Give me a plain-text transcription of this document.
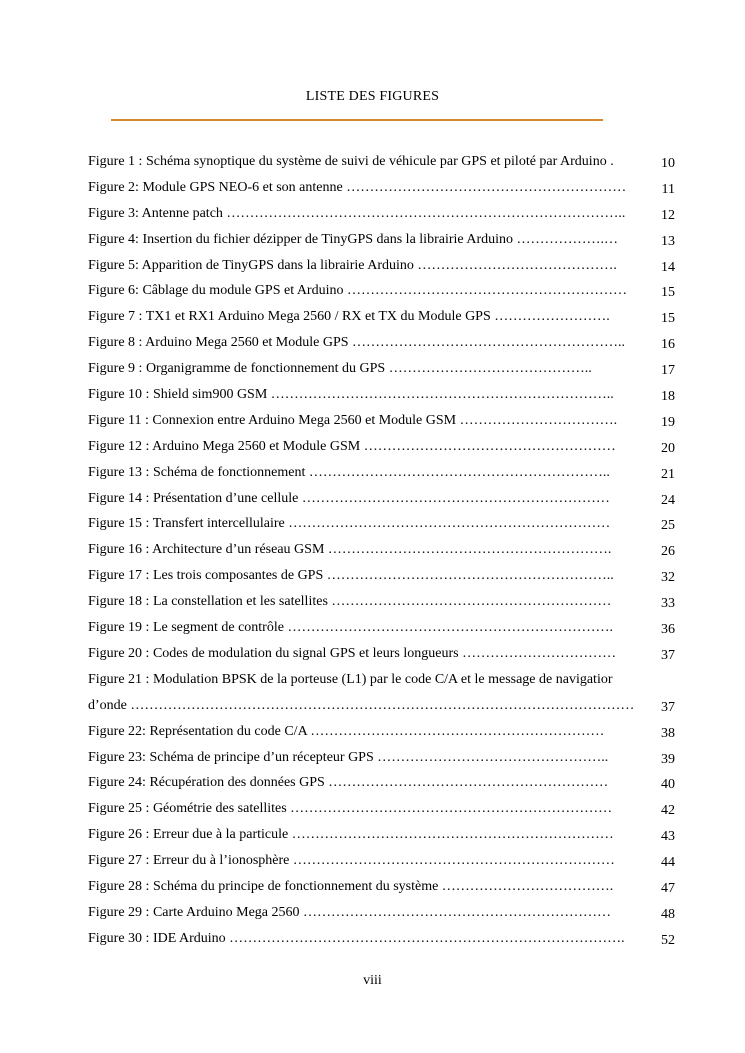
LISTE DES FIGURES
Figure 1 : Schéma synoptique du système de suivi de véhicule par GPS et piloté par Arduino .	10
Figure 2: Module GPS NEO-6 et son antenne ……………………………………………………	11
Figure 3: Antenne patch …………………………………………………………………………..	12
Figure 4: Insertion du fichier dézipper de TinyGPS dans la librairie Arduino ……………….…	13
Figure 5: Apparition de TinyGPS dans la librairie Arduino …………………………………….	14
Figure 6: Câblage du module GPS et Arduino ……………………………………………………	15
Figure 7 : TX1 et RX1 Arduino Mega 2560 / RX et TX du Module GPS …………………….	15
Figure 8 : Arduino Mega 2560 et Module GPS …………………………………………………..	16
Figure 9 : Organigramme de fonctionnement du GPS ……………………………………..	17
Figure 10 : Shield sim900 GSM ………………………………………………………………..	18
Figure 11 : Connexion entre Arduino Mega 2560 et Module GSM …………………………….	19
Figure 12 : Arduino Mega 2560 et Module GSM ………………………………………………	20
Figure 13 : Schéma de fonctionnement ………………………………………………………..	21
Figure 14 : Présentation d’une cellule …………………………………………………………	24
Figure 15 : Transfert intercellulaire ……………………………………………………………	25
Figure 16 : Architecture d’un réseau GSM …………………………………………………….	26
Figure 17 : Les trois composantes de GPS ……………………………………………………..	32
Figure 18 : La constellation et les satellites ……………………………………………………	33
Figure 19 : Le segment de contrôle …………………………………………………………….	36
Figure 20 : Codes de modulation du signal GPS et leurs longueurs ……………………………	37
Figure 21 : Modulation BPSK de la porteuse (L1) par le code C/A et le message de navigatior d’onde ………………………………………………………………………………………………	37
Figure 22: Représentation du code C/A ………………………………………………………	38
Figure 23: Schéma de principe d’un récepteur GPS …………………………………………..	39
Figure 24: Récupération des données GPS ……………………………………………………	40
Figure 25 : Géométrie des satellites ……………………………………………………………	42
Figure 26 : Erreur due à la particule ……………………………………………………………	43
Figure 27 : Erreur du à l’ionosphère ……………………………………………………………	44
Figure 28 : Schéma du principe de fonctionnement du système ……………………………….	47
Figure 29 : Carte Arduino Mega 2560 …………………………………………………………	48
Figure 30 : IDE Arduino ………………………………………………………………………….	52
viii
